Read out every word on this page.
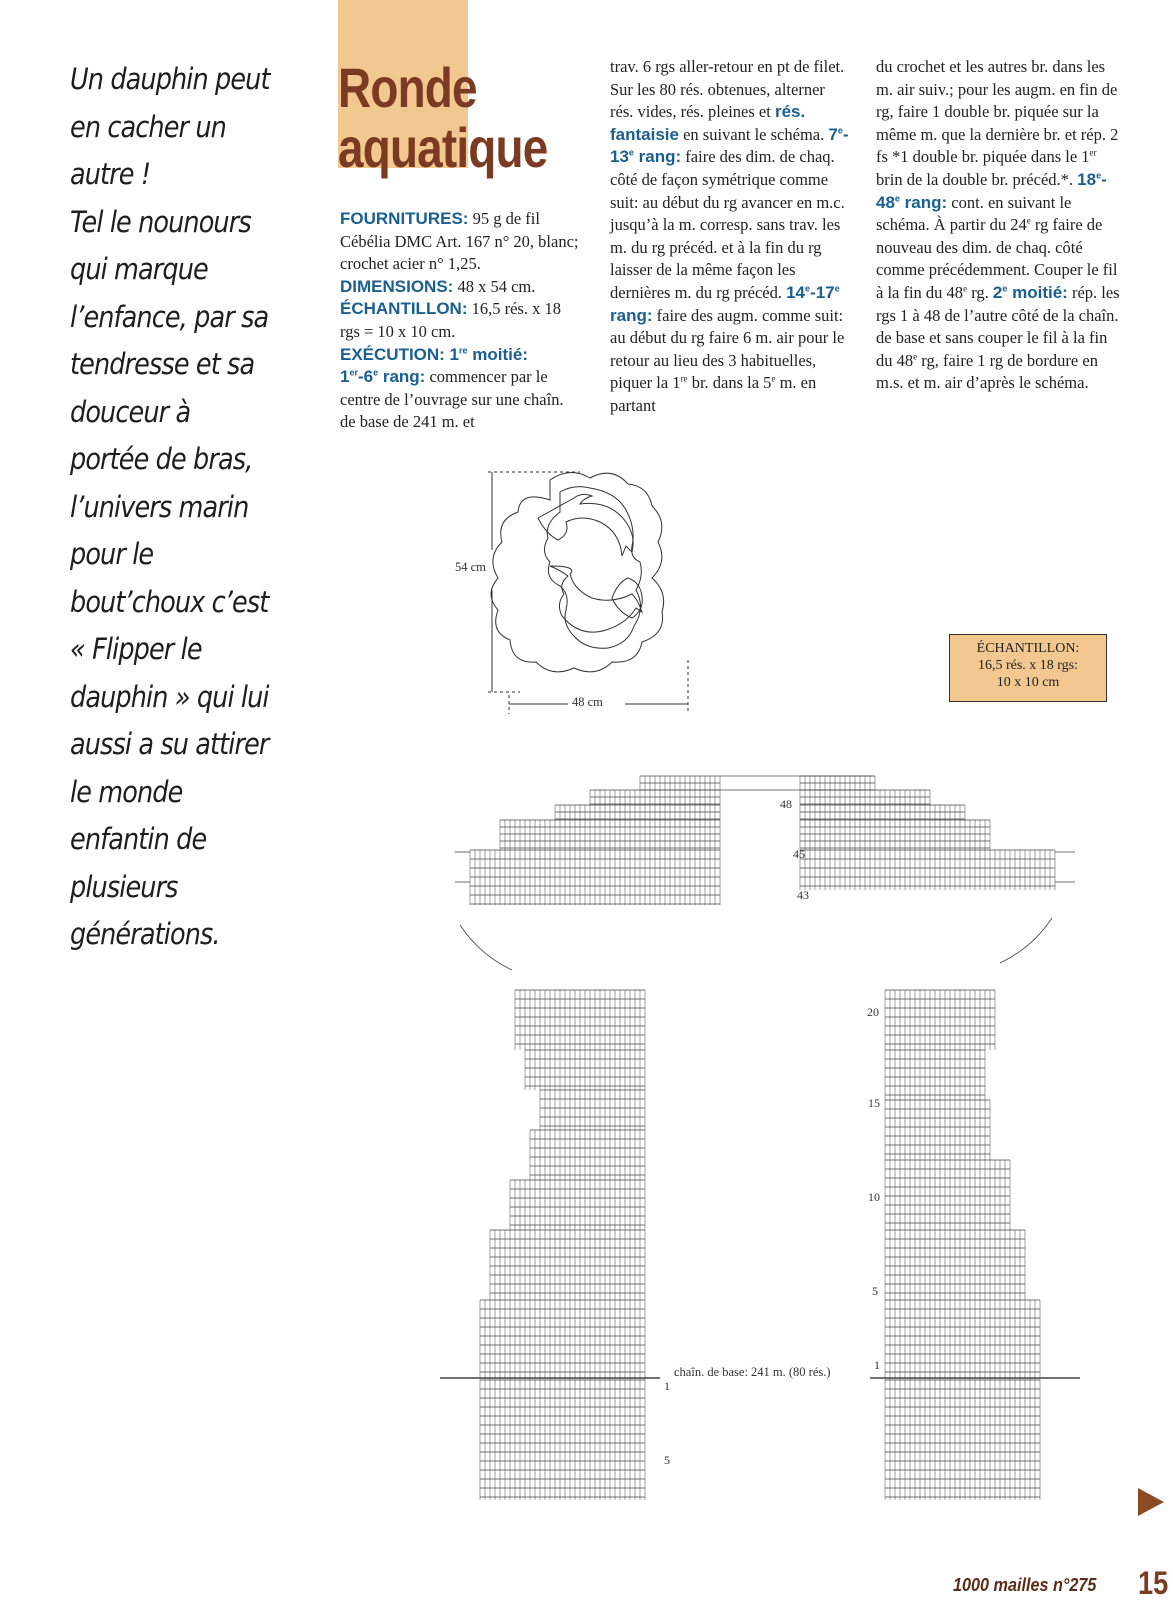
Un dauphin peut
en cacher un
autre !
Tel le nounours
qui marque
l’enfance, par sa
tendresse et sa
douceur à
portée de bras,
l’univers marin
pour le
bout’choux c’est
« Flipper le
dauphin » qui lui
aussi a su attirer
le monde
enfantin de
plusieurs
générations.
Ronde
aquatique
FOURNITURES: 95 g de fil Cébélia DMC Art. 167 n° 20, blanc; crochet acier n° 1,25.
DIMENSIONS: 48 x 54 cm.
ÉCHANTILLON: 16,5 rés. x 18 rgs = 10 x 10 cm.
EXÉCUTION: 1re moitié:
1er-6e rang: commencer par le centre de l’ouvrage sur une chaîn. de base de 241 m. et
trav. 6 rgs aller-retour en pt de filet. Sur les 80 rés. obtenues, alterner rés. vides, rés. pleines et rés. fantaisie en suivant le schéma. 7e-13e rang: faire des dim. de chaq. côté de façon symétrique comme suit: au début du rg avancer en m.c. jusqu’à la m. corresp. sans trav. les m. du rg précéd. et à la fin du rg laisser de la même façon les dernières m. du rg précéd. 14e-17e rang: faire des augm. comme suit: au début du rg faire 6 m. air pour le retour au lieu des 3 habituelles, piquer la 1re br. dans la 5e m. en partant
du crochet et les autres br. dans les m. air suiv.; pour les augm. en fin de rg, faire 1 double br. piquée sur la même m. que la dernière br. et rép. 2 fs *1 double br. piquée dans le 1er brin de la double br. précéd.*. 18e-48e rang: cont. en suivant le schéma. À partir du 24e rg faire de nouveau des dim. de chaq. côté comme précédemment. Couper le fil à la fin du 48e rg. 2e moitié: rép. les rgs 1 à 48 de l’autre côté de la chaîn. de base et sans couper le fil à la fin du 48e rg, faire 1 rg de bordure en m.s. et m. air d’après le schéma.
54 cm
48 cm
ÉCHANTILLON:
16,5 rés. x 18 rgs:
10 x 10 cm
48
45
43
20
15
10
5
1
1
5
chaîn. de base: 241 m. (80 rés.)
1000 mailles n°275 15
